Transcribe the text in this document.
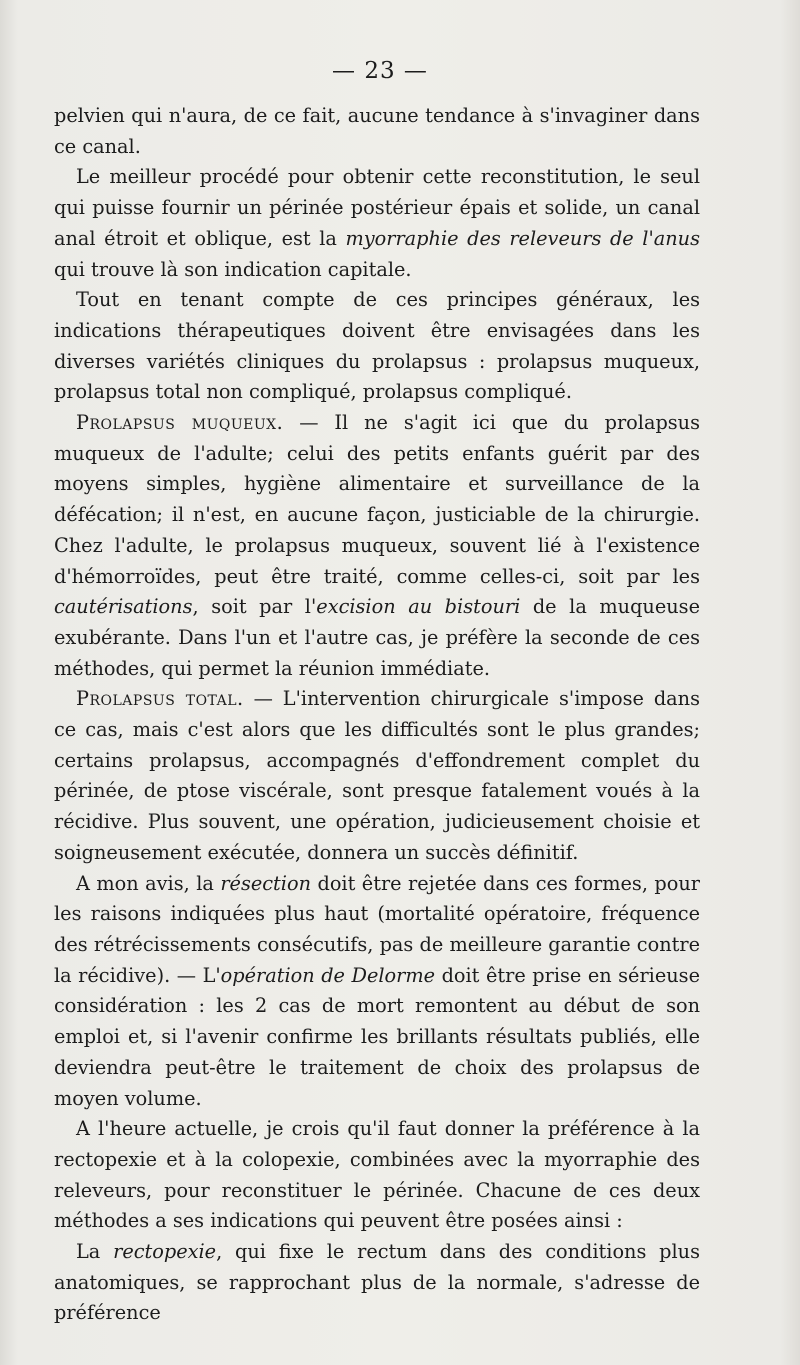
— 23 —

pelvien qui n'aura, de ce fait, aucune tendance à s'invaginer dans ce canal.

Le meilleur procédé pour obtenir cette reconstitution, le seul qui puisse fournir un périnée postérieur épais et solide, un canal anal étroit et oblique, est la myorraphie des releveurs de l'anus qui trouve là son indication capitale.

Tout en tenant compte de ces principes généraux, les indications thérapeutiques doivent être envisagées dans les diverses variétés cliniques du prolapsus : prolapsus muqueux, prolapsus total non compliqué, prolapsus compliqué.

Prolapsus muqueux. — Il ne s'agit ici que du prolapsus muqueux de l'adulte; celui des petits enfants guérit par des moyens simples, hygiène alimentaire et surveillance de la défécation; il n'est, en aucune façon, justiciable de la chirurgie. Chez l'adulte, le prolapsus muqueux, souvent lié à l'existence d'hémorroïdes, peut être traité, comme celles-ci, soit par les cautérisations, soit par l'excision au bistouri de la muqueuse exubérante. Dans l'un et l'autre cas, je préfère la seconde de ces méthodes, qui permet la réunion immédiate.

Prolapsus total. — L'intervention chirurgicale s'impose dans ce cas, mais c'est alors que les difficultés sont le plus grandes; certains prolapsus, accompagnés d'effondrement complet du périnée, de ptose viscérale, sont presque fatalement voués à la récidive. Plus souvent, une opération, judicieusement choisie et soigneusement exécutée, donnera un succès définitif.

A mon avis, la résection doit être rejetée dans ces formes, pour les raisons indiquées plus haut (mortalité opératoire, fréquence des rétrécissements consécutifs, pas de meilleure garantie contre la récidive). — L'opération de Delorme doit être prise en sérieuse considération : les 2 cas de mort remontent au début de son emploi et, si l'avenir confirme les brillants résultats publiés, elle deviendra peut-être le traitement de choix des prolapsus de moyen volume.

A l'heure actuelle, je crois qu'il faut donner la préférence à la rectopexie et à la colopexie, combinées avec la myorraphie des releveurs, pour reconstituer le périnée. Chacune de ces deux méthodes a ses indications qui peuvent être posées ainsi :

La rectopexie, qui fixe le rectum dans des conditions plus anatomiques, se rapprochant plus de la normale, s'adresse de préférence
